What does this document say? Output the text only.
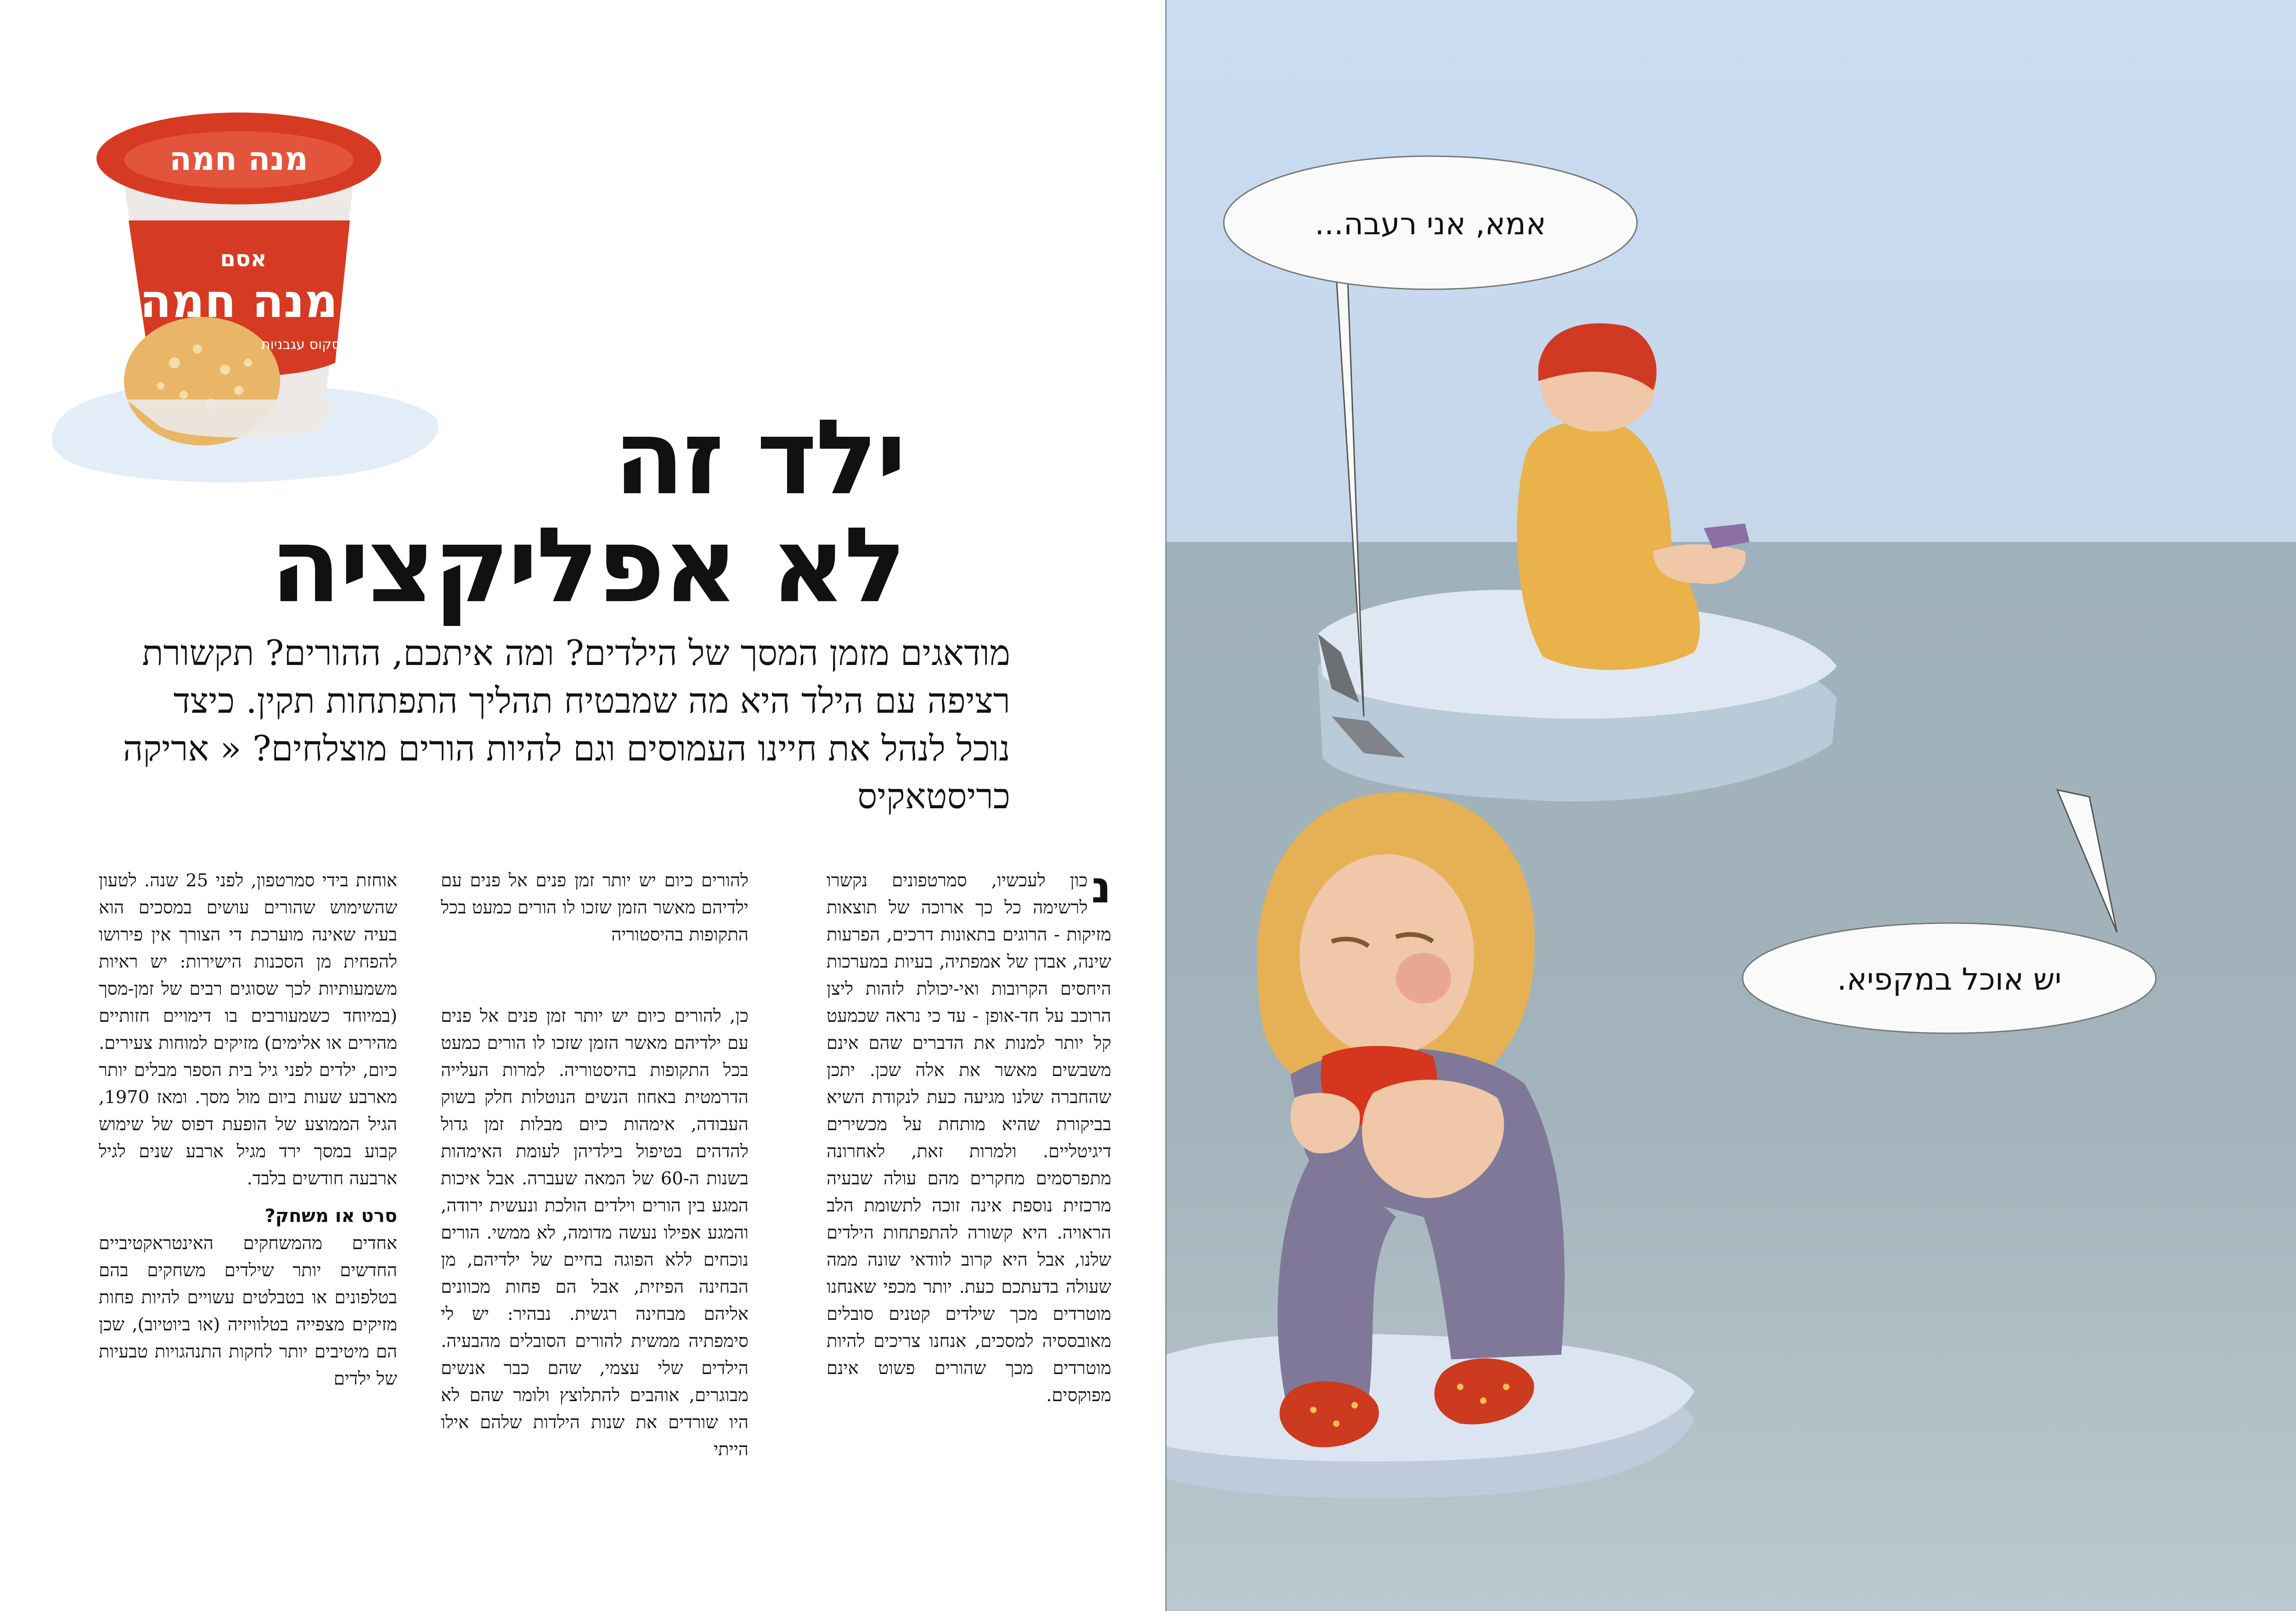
מנה חמה
אסם
מנה חמה
קוסקוס עגבניות
ילד זה
לא אפליקציה
מודאגים מזמן המסך של הילדים? ומה איתכם, ההורים? תקשורת רציפה עם הילד היא מה שמבטיח תהליך התפתחות תקין. כיצד נוכל לנהל את חיינו העמוסים וגם להיות הורים מוצלחים? « אריקה כריסטאקיס
נ
כון לעכשיו, סמרטפונים נקשרו לרשימה כל כך ארוכה של תוצאות מזיקות - הרוגים בתאונות דרכים, הפרעות שינה, אבדן של אמפתיה, בעיות במערכות היחסים הקרובות ואי-יכולת לזהות ליצן הרוכב על חד-אופן - עד כי נראה שכמעט קל יותר למנות את הדברים שהם אינם משבשים מאשר את אלה שכן. יתכן שהחברה שלנו מגיעה כעת לנקודת השיא בביקורת שהיא מותחת על מכשירים דיגיטליים. ולמרות זאת, לאחרונה מתפרסמים מחקרים מהם עולה שבעיה מרכזית נוספת אינה זוכה לתשומת הלב הראויה. היא קשורה להתפתחות הילדים שלנו, אבל היא קרוב לוודאי שונה ממה שעולה בדעתכם כעת. יותר מכפי שאנחנו מוטרדים מכך שילדים קטנים סובלים מאובססיה למסכים, אנחנו צריכים להיות מוטרדים מכך שהורים פשוט אינם מפוקסים.

להורים כיום יש יותר זמן פנים אל פנים עם ילדיהם מאשר הזמן שזכו לו הורים כמעט בכל התקופות בהיסטוריה

כן, להורים כיום יש יותר זמן פנים אל פנים עם ילדיהם מאשר הזמן שזכו לו הורים כמעט בכל התקופות בהיסטוריה. למרות העלייה הדרמטית באחוז הנשים הנוטלות חלק בשוק העבודה, אימהות כיום מבלות זמן גדול להדהים בטיפול בילדיהן לעומת האימהות בשנות ה-60 של המאה שעברה. אבל איכות המגע בין הורים וילדים הולכת ונעשית ירודה, והמגע אפילו נעשה מדומה, לא ממשי. הורים נוכחים ללא הפוגה בחיים של ילדיהם, מן הבחינה הפיזית, אבל הם פחות מכוונים אליהם מבחינה רגשית. נבהיר: יש לי סימפתיה ממשית להורים הסובלים מהבעיה. הילדים שלי עצמי, שהם כבר אנשים מבוגרים, אוהבים להתלוצץ ולומר שהם לא היו שורדים את שנות הילדות שלהם אילו הייתי

אוחזת בידי סמרטפון, לפני 25 שנה. לטעון שהשימוש שהורים עושים במסכים הוא בעיה שאינה מוערכת די הצורך אין פירושו להפחית מן הסכנות הישירות: יש ראיות משמעותיות לכך שסוגים רבים של זמן-מסך (במיוחד כשמעורבים בו דימויים חזותיים מהירים או אלימים) מזיקים למוחות צעירים. כיום, ילדים לפני גיל בית הספר מבלים יותר מארבע שעות ביום מול מסך. ומאז 1970, הגיל הממוצע של הופעת דפוס של שימוש קבוע במסך ירד מגיל ארבע שנים לגיל ארבעה חודשים בלבד.

סרט או משחק?

אחדים מהמשחקים האינטראקטיביים החדשים יותר שילדים משחקים בהם בטלפונים או בטבלטים עשויים להיות פחות מזיקים מצפייה בטלוויזיה (או ביוטיוב), שכן הם מיטיבים יותר לחקות התנהגויות טבעיות של ילדים

אמא, אני רעבה...
יש אוכל במקפיא.
